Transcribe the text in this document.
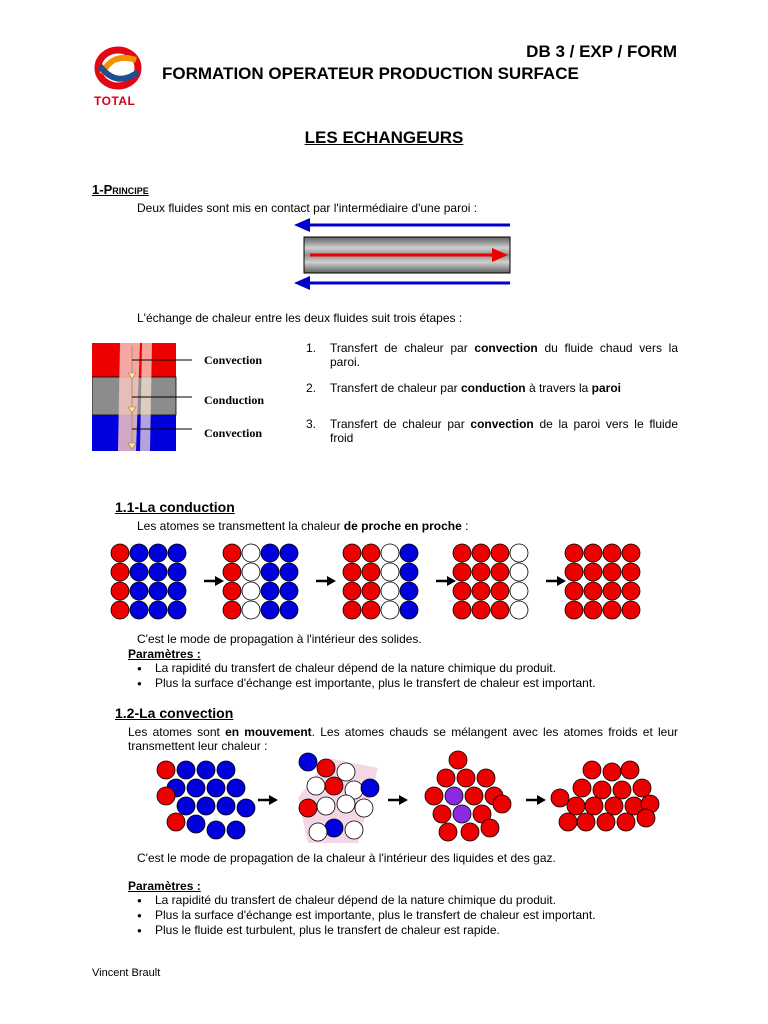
TOTAL
DB 3 / EXP / FORM
FORMATION OPERATEUR PRODUCTION SURFACE
LES ECHANGEURS
1-Principe
Deux fluides sont mis en contact par l'intermédiaire d'une paroi :
L'échange de chaleur entre les deux fluides suit trois étapes :
Convection
Conduction
Convection
1. Transfert de chaleur par convection du fluide chaud vers la paroi.
2. Transfert de chaleur par conduction à travers la paroi
3. Transfert de chaleur par convection de la paroi vers le fluide froid
1.1-La conduction
Les atomes se transmettent la chaleur de proche en proche :
C'est le mode de propagation à l'intérieur des solides.
Paramètres :
● La rapidité du transfert de chaleur dépend de la nature chimique du produit.
● Plus la surface d'échange est importante, plus le transfert de chaleur est important.
1.2-La convection
Les atomes sont en mouvement. Les atomes chauds se mélangent avec les atomes froids et leur transmettent leur chaleur :
C'est le mode de propagation de la chaleur à l'intérieur des liquides et des gaz.
Paramètres :
● La rapidité du transfert de chaleur dépend de la nature chimique du produit.
● Plus la surface d'échange est importante, plus le transfert de chaleur est important.
● Plus le fluide est turbulent, plus le transfert de chaleur est rapide.
Vincent Brault
